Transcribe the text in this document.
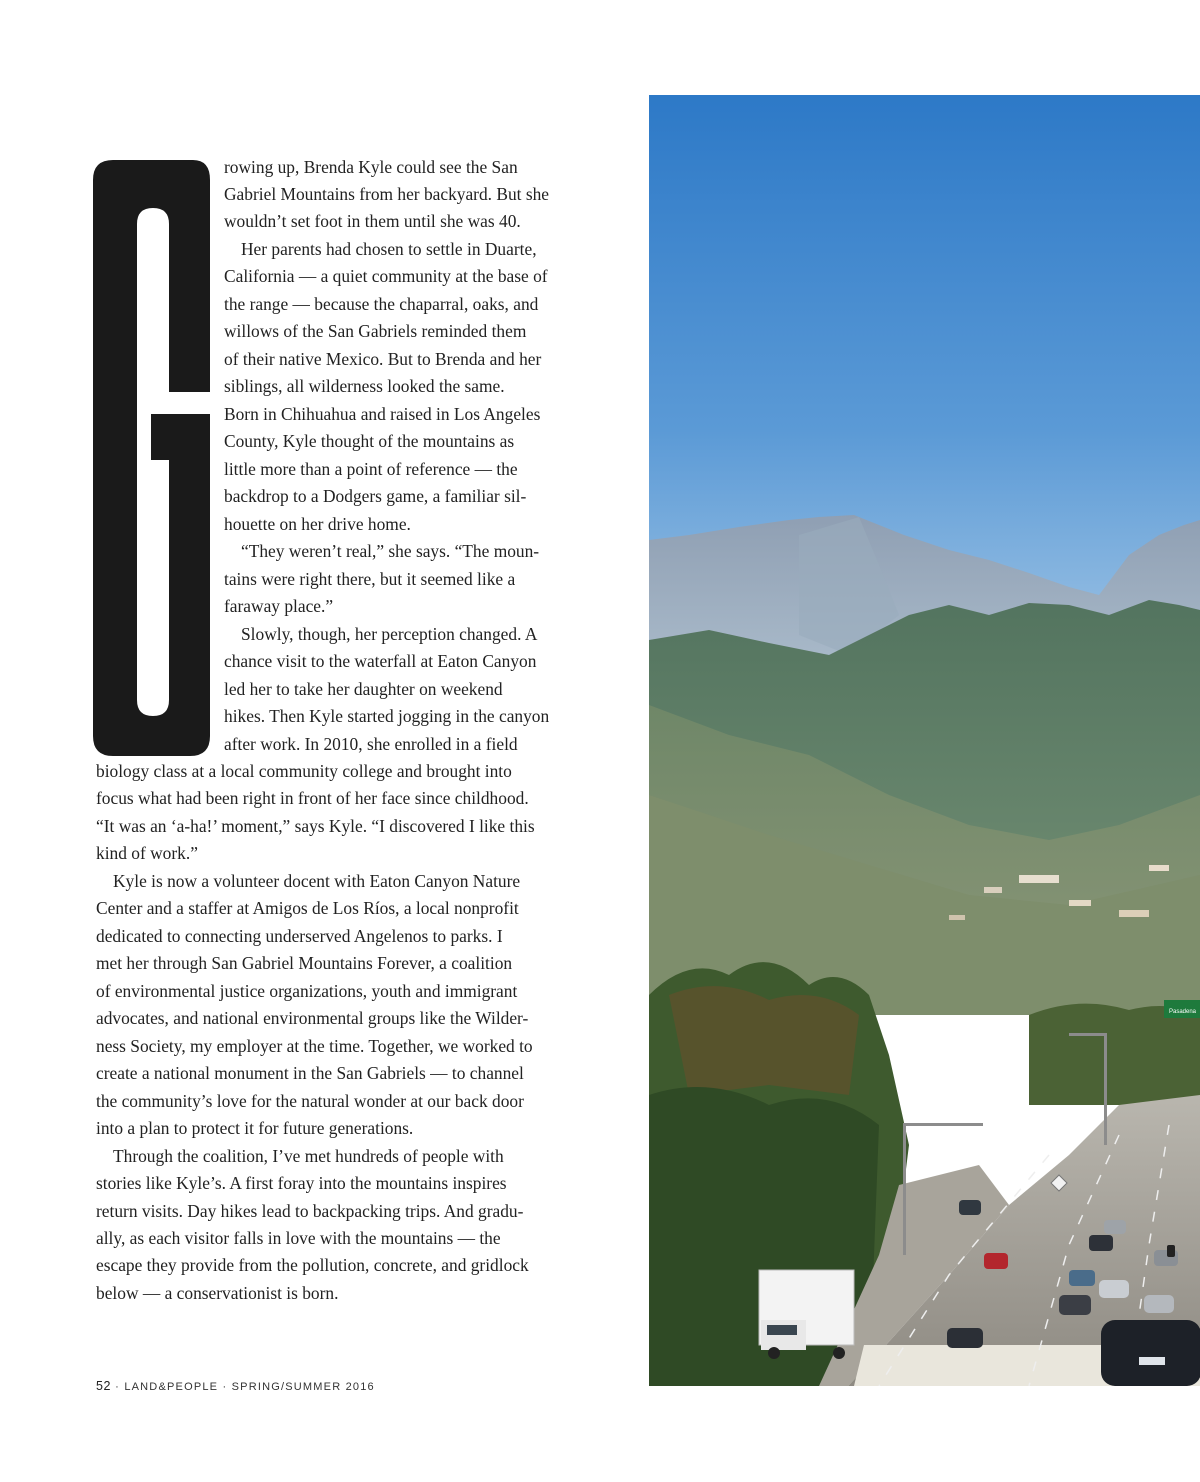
rowing up, Brenda Kyle could see the San
Gabriel Mountains from her backyard. But she
wouldn’t set foot in them until she was 40.
Her parents had chosen to settle in Duarte,
California — a quiet community at the base of
the range — because the chaparral, oaks, and
willows of the San Gabriels reminded them
of their native Mexico. But to Brenda and her
siblings, all wilderness looked the same.
Born in Chihuahua and raised in Los Angeles
County, Kyle thought of the mountains as
little more than a point of reference — the
backdrop to a Dodgers game, a familiar sil-
houette on her drive home.
“They weren’t real,” she says. “The moun-
tains were right there, but it seemed like a
faraway place.”
Slowly, though, her perception changed. A
chance visit to the waterfall at Eaton Canyon
led her to take her daughter on weekend
hikes. Then Kyle started jogging in the canyon
after work. In 2010, she enrolled in a field
biology class at a local community college and brought into
focus what had been right in front of her face since childhood.
“It was an ‘a-ha!’ moment,” says Kyle. “I discovered I like this
kind of work.”
Kyle is now a volunteer docent with Eaton Canyon Nature
Center and a staffer at Amigos de Los Ríos, a local nonprofit
dedicated to connecting underserved Angelenos to parks. I
met her through San Gabriel Mountains Forever, a coalition
of environmental justice organizations, youth and immigrant
advocates, and national environmental groups like the Wilder-
ness Society, my employer at the time. Together, we worked to
create a national monument in the San Gabriels — to channel
the community’s love for the natural wonder at our back door
into a plan to protect it for future generations.
Through the coalition, I’ve met hundreds of people with
stories like Kyle’s. A first foray into the mountains inspires
return visits. Day hikes lead to backpacking trips. And gradu-
ally, as each visitor falls in love with the mountains — the
escape they provide from the pollution, concrete, and gridlock
below — a conservationist is born.
52 · LAND&PEOPLE · SPRING/SUMMER 2016
Pasadena
